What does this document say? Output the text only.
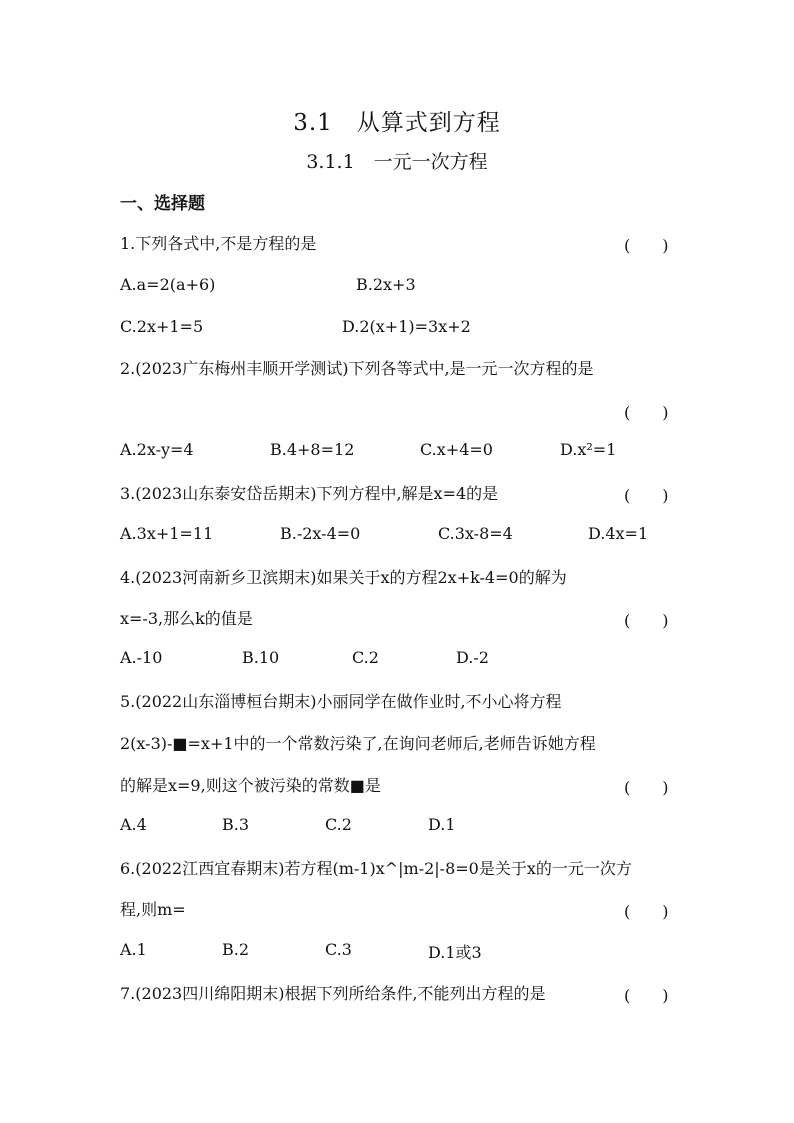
3.1　从算式到方程
3.1.1　一元一次方程
一、选择题
1.下列各式中,不是方程的是	(　　)
A.a=2(a+6)	B.2x+3
C.2x+1=5	D.2(x+1)=3x+2
2.(2023广东梅州丰顺开学测试)下列各等式中,是一元一次方程的是
(　　)
A.2x-y=4	B.4+8=12	C.x+4=0	D.x²=1
3.(2023山东泰安岱岳期末)下列方程中,解是x=4的是	(　　)
A.3x+1=11	B.-2x-4=0	C.3x-8=4	D.4x=1
4.(2023河南新乡卫滨期末)如果关于x的方程2x+k-4=0的解为
x=-3,那么k的值是	(　　)
A.-10	B.10	C.2	D.-2
5.(2022山东淄博桓台期末)小丽同学在做作业时,不小心将方程
2(x-3)-■=x+1中的一个常数污染了,在询问老师后,老师告诉她方程
的解是x=9,则这个被污染的常数■是	(　　)
A.4	B.3	C.2	D.1
6.(2022江西宜春期末)若方程(m-1)x^|m-2|-8=0是关于x的一元一次方
程,则m=	(　　)
A.1	B.2	C.3	D.1或3
7.(2023四川绵阳期末)根据下列所给条件,不能列出方程的是	(　　)
